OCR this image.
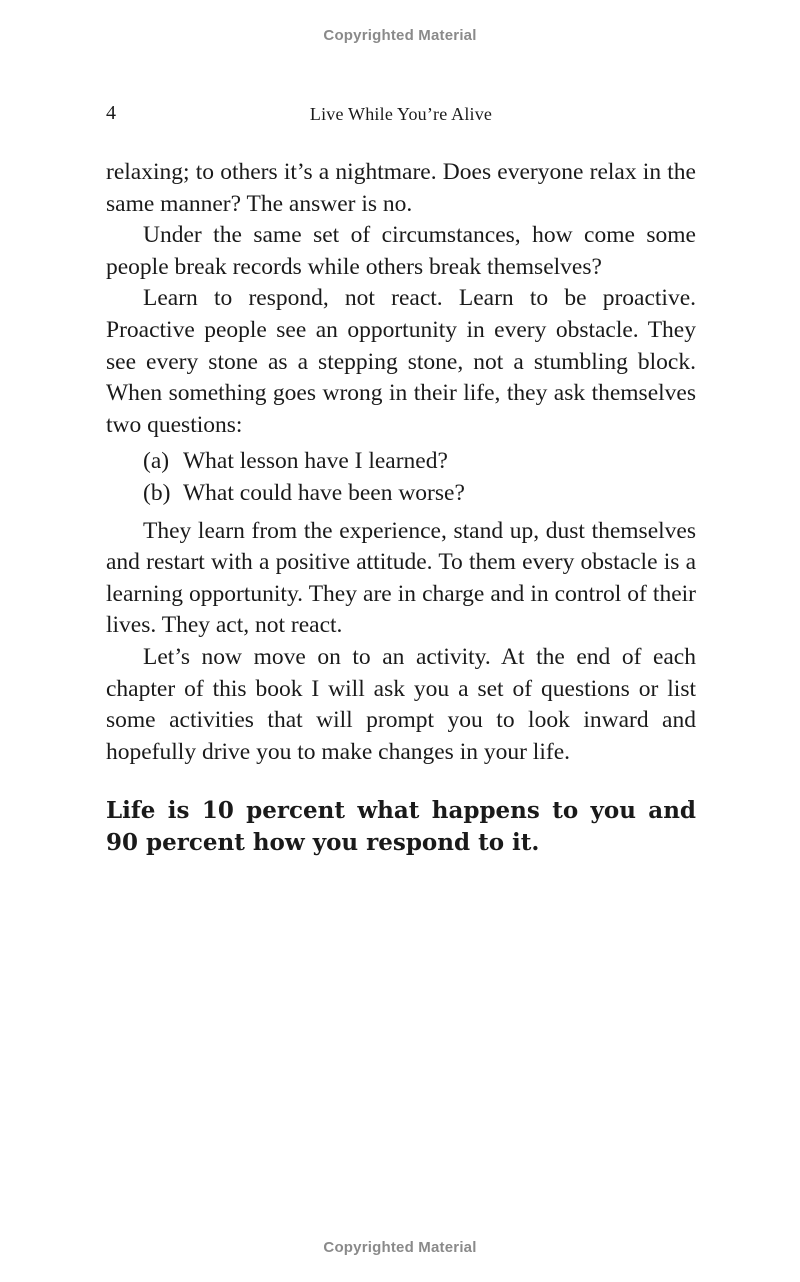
Copyrighted Material
4	Live While You’re Alive

relaxing; to others it’s a nightmare. Does everyone relax in the same manner? The answer is no.

Under the same set of circumstances, how come some people break records while others break themselves?

Learn to respond, not react. Learn to be proactive. Proactive people see an opportunity in every obstacle. They see every stone as a stepping stone, not a stumbling block. When something goes wrong in their life, they ask themselves two questions:

(a) What lesson have I learned?
(b) What could have been worse?

They learn from the experience, stand up, dust themselves and restart with a positive attitude. To them every obstacle is a learning opportunity. They are in charge and in control of their lives. They act, not react.

Let’s now move on to an activity. At the end of each chapter of this book I will ask you a set of questions or list some activities that will prompt you to look inward and hopefully drive you to make changes in your life.

Life is 10 percent what happens to you and 90 percent how you respond to it.
Copyrighted Material
